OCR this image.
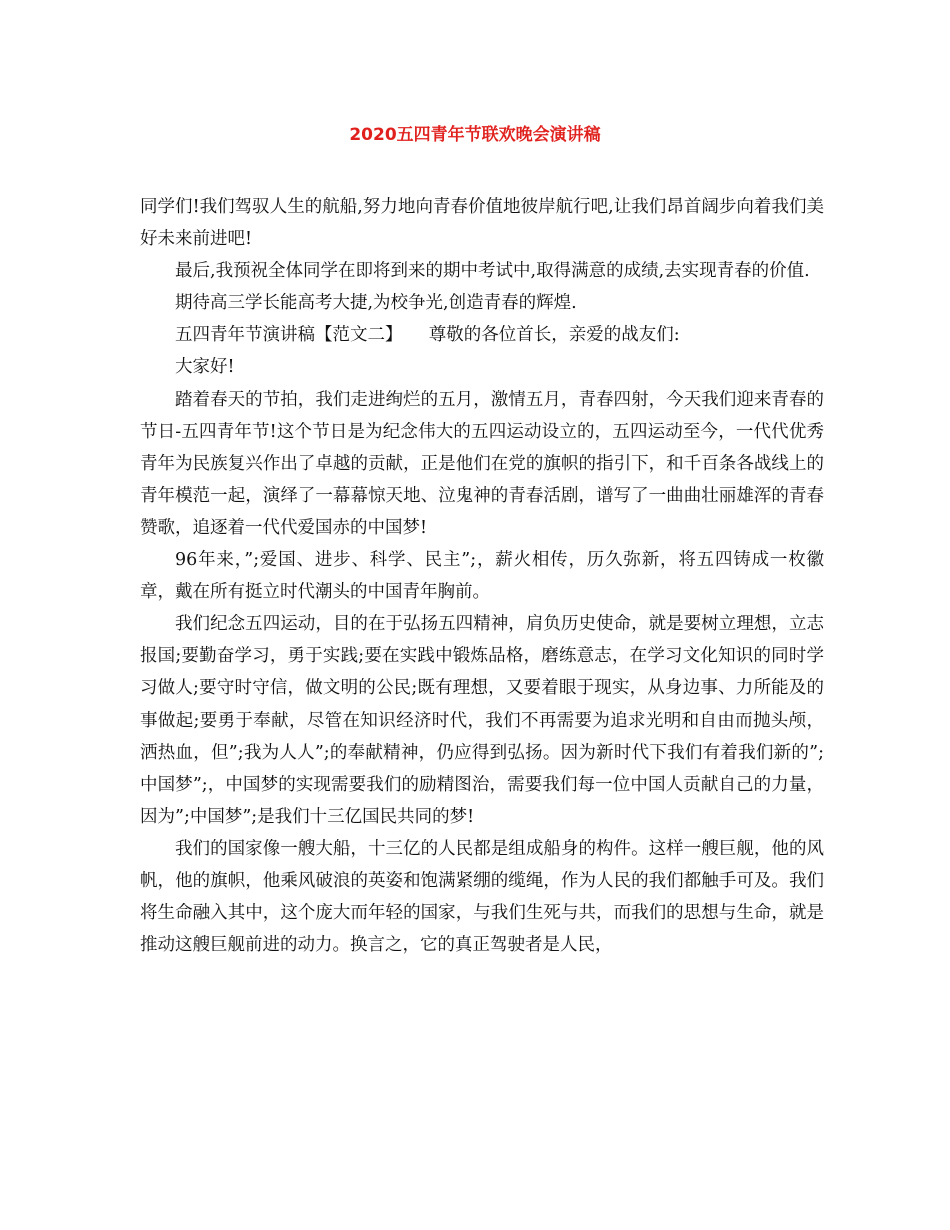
2020五四青年节联欢晚会演讲稿

同学们!我们驾驭人生的航船,努力地向青春价值地彼岸航行吧,让我们昂首阔步向着我们美好未来前进吧!

最后,我预祝全体同学在即将到来的期中考试中,取得满意的成绩,去实现青春的价值.

期待高三学长能高考大捷,为校争光,创造青春的辉煌.

五四青年节演讲稿【范文二】　　尊敬的各位首长，亲爱的战友们:

大家好!

踏着春天的节拍，我们走进绚烂的五月，激情五月，青春四射，今天我们迎来青春的节日-五四青年节!这个节日是为纪念伟大的五四运动设立的，五四运动至今，一代代优秀青年为民族复兴作出了卓越的贡献，正是他们在党的旗帜的指引下，和千百条各战线上的青年模范一起，演绎了一幕幕惊天地、泣鬼神的青春活剧，谱写了一曲曲壮丽雄浑的青春赞歌，追逐着一代代爱国赤的中国梦!

96年来，”;爱国、进步、科学、民主”;，薪火相传，历久弥新，将五四铸成一枚徽章，戴在所有挺立时代潮头的中国青年胸前。

我们纪念五四运动，目的在于弘扬五四精神，肩负历史使命，就是要树立理想，立志报国;要勤奋学习，勇于实践;要在实践中锻炼品格，磨练意志，在学习文化知识的同时学习做人;要守时守信，做文明的公民;既有理想，又要着眼于现实，从身边事、力所能及的事做起;要勇于奉献，尽管在知识经济时代，我们不再需要为追求光明和自由而抛头颅，洒热血，但”;我为人人”;的奉献精神，仍应得到弘扬。因为新时代下我们有着我们新的”;中国梦”;，中国梦的实现需要我们的励精图治，需要我们每一位中国人贡献自己的力量，因为”;中国梦”;是我们十三亿国民共同的梦!

我们的国家像一艘大船，十三亿的人民都是组成船身的构件。这样一艘巨舰，他的风帆，他的旗帜，他乘风破浪的英姿和饱满紧绷的缆绳，作为人民的我们都触手可及。我们将生命融入其中，这个庞大而年轻的国家，与我们生死与共，而我们的思想与生命，就是推动这艘巨舰前进的动力。换言之，它的真正驾驶者是人民，
